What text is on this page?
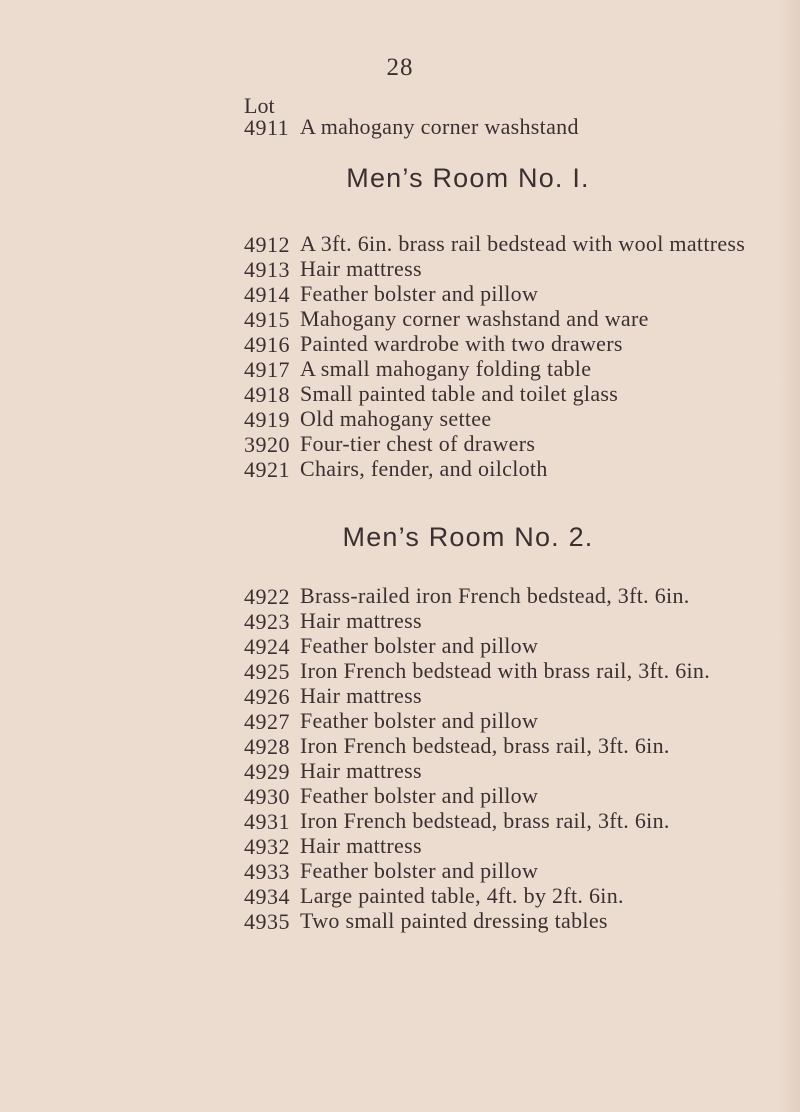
28
Lot
4911 A mahogany corner washstand
Men’s Room No. I.
4912 A 3ft. 6in. brass rail bedstead with wool mattress
4913 Hair mattress
4914 Feather bolster and pillow
4915 Mahogany corner washstand and ware
4916 Painted wardrobe with two drawers
4917 A small mahogany folding table
4918 Small painted table and toilet glass
4919 Old mahogany settee
3920 Four-tier chest of drawers
4921 Chairs, fender, and oilcloth
Men’s Room No. 2.
4922 Brass-railed iron French bedstead, 3ft. 6in.
4923 Hair mattress
4924 Feather bolster and pillow
4925 Iron French bedstead with brass rail, 3ft. 6in.
4926 Hair mattress
4927 Feather bolster and pillow
4928 Iron French bedstead, brass rail, 3ft. 6in.
4929 Hair mattress
4930 Feather bolster and pillow
4931 Iron French bedstead, brass rail, 3ft. 6in.
4932 Hair mattress
4933 Feather bolster and pillow
4934 Large painted table, 4ft. by 2ft. 6in.
4935 Two small painted dressing tables
